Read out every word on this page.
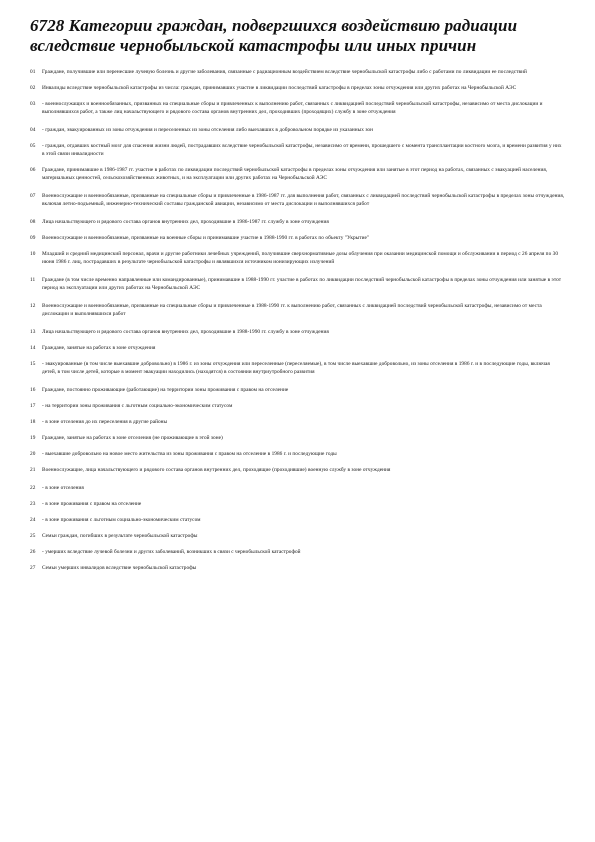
6728 Категории граждан, подвергшихся воздействию радиации вследствие чернобыльской катастрофы или иных причин
01	Граждане, получившие или перенесшие лучевую болезнь и другие заболевания, связанные с радиационным воздействием вследствие чернобыльской катастрофы либо с работами по ликвидации ее последствий
02	Инвалиды вследствие чернобыльской катастрофы из числа: граждан, принимавших участие в ликвидации последствий катастрофы в пределах зоны отчуждения или других работах на Чернобыльской АЭС
03	- военнослужащих и военнообязанных, призванных на специальные сборы и привлеченных к выполнению работ, связанных с ликвидацией последствий чернобыльской катастрофы, независимо от места дислокации и выполнявшихся работ, а также лиц начальствующего и рядового состава органов внутренних дел, проходивших (проходящих) службу в зоне отчуждения
04	- граждан, эвакуированных из зоны отчуждения и переселенных из зоны отселения либо выехавших в добровольном порядке из указанных зон
05	- граждан, отдавших костный мозг для спасения жизни людей, пострадавших вследствие чернобыльской катастрофы, независимо от времени, прошедшего с момента трансплантации костного мозга, и времени развития у них в этой связи инвалидности
06	Граждане, принимавшие в 1986-1987 гг. участие в работах по ликвидации последствий чернобыльской катастрофы в пределах зоны отчуждения или занятые в этот период на работах, связанных с эвакуацией населения, материальных ценностей, сельскохозяйственных животных, и на эксплуатации или других работах на Чернобыльской АЭС
07	Военнослужащие и военнообязанные, призванные на специальные сборы и привлеченные в 1986-1987 гг. для выполнения работ, связанных с ликвидацией последствий чернобыльской катастрофы в пределах зоны отчуждения, включая летно-подъемный, инженерно-технический составы гражданской авиации, независимо от места дислокации и выполнявшихся работ
08	Лица начальствующего и рядового состава органов внутренних дел, проходившие в 1986-1987 гг. службу в зоне отчуждения
09	Военнослужащие и военнообязанные, призванные на военные сборы и принимавшие участие в 1988-1990 гг. в работах по объекту "Укрытие"
10	Младший и средний медицинский персонал, врачи и другие работники лечебных учреждений, получившие сверхнормативные дозы облучения при оказании медицинской помощи и обслуживании в период с 26 апреля по 30 июня 1986 г. лиц, пострадавших в результате чернобыльской катастрофы и являвшихся источником ионизирующих излучений
11	Граждане (в том числе временно направленные или командированные), принимавшие в 1988-1990 гг. участие в работах по ликвидации последствий чернобыльской катастрофы в пределах зоны отчуждения или занятые в этот период на эксплуатации или других работах на Чернобыльской АЭС
12	Военнослужащие и военнообязанные, призванные на специальные сборы и привлеченные в 1988-1990 гг. к выполнению работ, связанных с ликвидацией последствий чернобыльской катастрофы, независимо от места дислокации и выполнявшихся работ
13	Лица начальствующего и рядового состава органов внутренних дел, проходившие в 1988-1990 гг. службу в зоне отчуждения
14	Граждане, занятые на работах в зоне отчуждения
15	- эвакуированные (в том числе выехавшие добровольно) в 1986 г. из зоны отчуждения или переселенные (переселяемые), в том числе выехавшие добровольно, из зоны отселения в 1986 г. и в последующие годы, включая детей, в том числе детей, которые в момент эвакуации находились (находятся) в состоянии внутриутробного развития
16	Граждане, постоянно проживающие (работающие) на территории зоны проживания с правом на отселение
17	- на территории зоны проживания с льготным социально-экономическим статусом
18	- в зоне отселения до их переселения в другие районы
19	Граждане, занятые на работах в зоне отселения (не проживающие в этой зоне)
20	- выехавшие добровольно на новое место жительства из зоны проживания с правом на отселение в 1986 г. и последующие годы
21	Военнослужащие, лица начальствующего и рядового состава органов внутренних дел, проходящие (проходившие) военную службу в зоне отчуждения
22	- в зоне отселения
23	- в зоне проживания с правом на отселение
24	- в зоне проживания с льготным социально-экономическим статусом
25	Семьи граждан, погибших в результате чернобыльской катастрофы
26	- умерших вследствие лучевой болезни и других заболеваний, возникших в связи с чернобыльской катастрофой
27	Семьи умерших инвалидов вследствие чернобыльской катастрофы
